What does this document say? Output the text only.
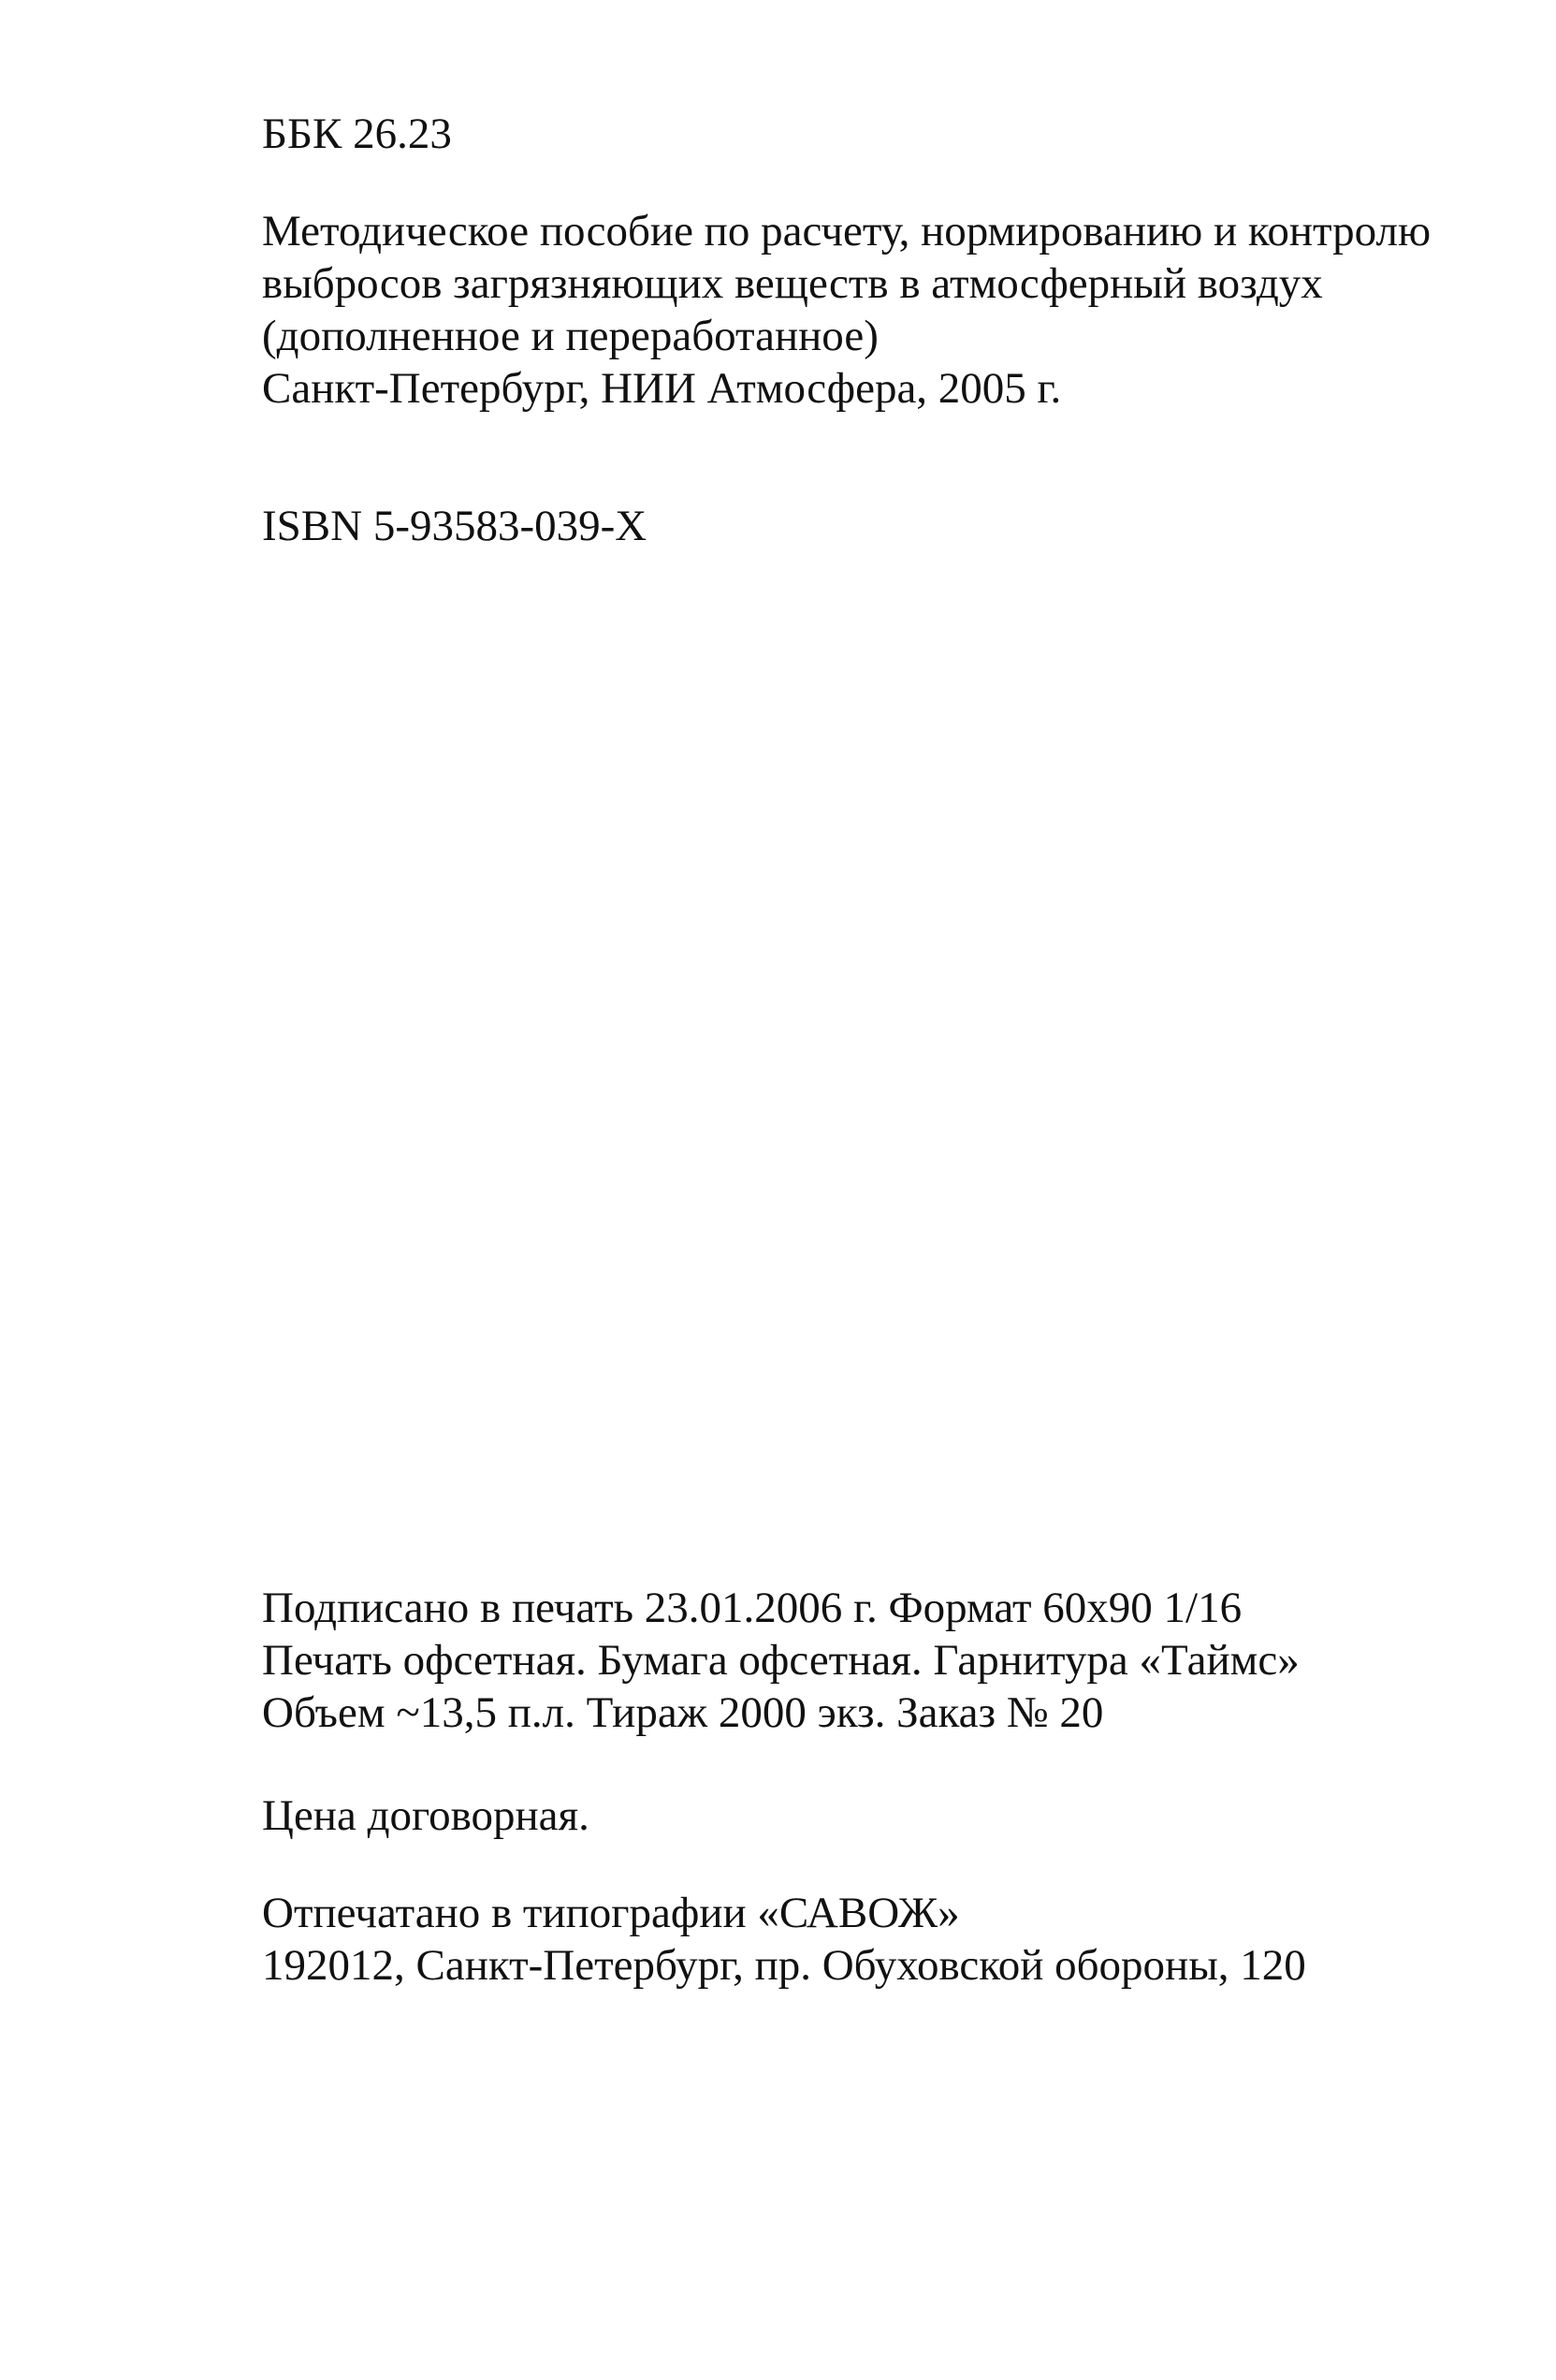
ББК 26.23
Методическое пособие по расчету, нормированию и контролю
выбросов загрязняющих веществ в атмосферный воздух
(дополненное и переработанное)
Санкт-Петербург, НИИ Атмосфера, 2005 г.
ISBN 5-93583-039-X
Подписано в печать 23.01.2006 г. Формат 60x90 1/16
Печать офсетная. Бумага офсетная. Гарнитура «Таймс»
Объем ~13,5 п.л. Тираж 2000 экз. Заказ № 20
Цена договорная.
Отпечатано в типографии «САВОЖ»
192012, Санкт-Петербург, пр. Обуховской обороны, 120
